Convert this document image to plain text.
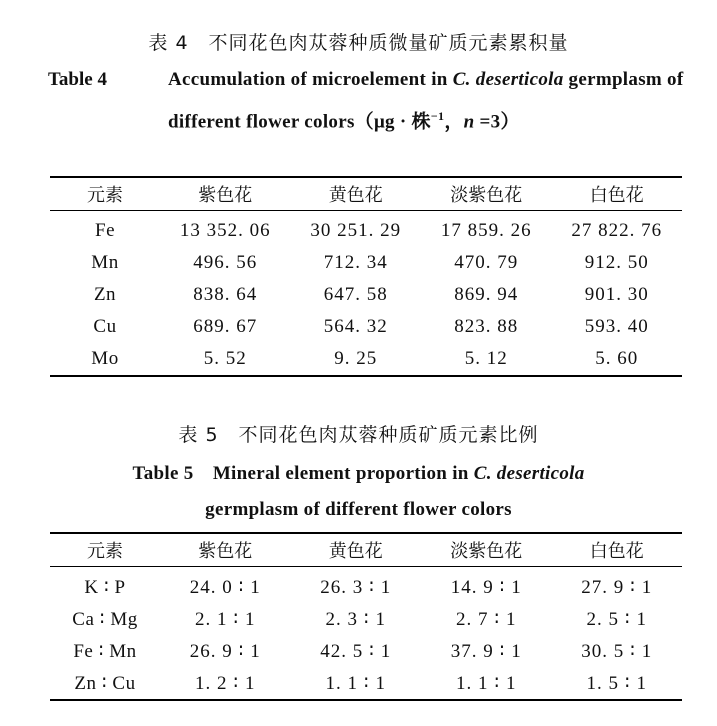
表 4　不同花色肉苁蓉种质微量矿质元素累积量
Table 4	Accumulation of microelement in C. deserticola germplasm of different flower colors（μg · 株$^{-1}$，n =3）
元素	紫色花	黄色花	淡紫色花	白色花
Fe	13 352. 06	30 251. 29	17 859. 26	27 822. 76
Mn	496. 56	712. 34	470. 79	912. 50
Zn	838. 64	647. 58	869. 94	901. 30
Cu	689. 67	564. 32	823. 88	593. 40
Mo	5. 52	9. 25	5. 12	5. 60
表 5　不同花色肉苁蓉种质矿质元素比例
Table 5　Mineral element proportion in C. deserticola
germplasm of different flower colors
元素	紫色花	黄色花	淡紫色花	白色花
K ∶ P	24. 0 ∶ 1	26. 3 ∶ 1	14. 9 ∶ 1	27. 9 ∶ 1
Ca ∶ Mg	2. 1 ∶ 1	2. 3 ∶ 1	2. 7 ∶ 1	2. 5 ∶ 1
Fe ∶ Mn	26. 9 ∶ 1	42. 5 ∶ 1	37. 9 ∶ 1	30. 5 ∶ 1
Zn ∶ Cu	1. 2 ∶ 1	1. 1 ∶ 1	1. 1 ∶ 1	1. 5 ∶ 1
